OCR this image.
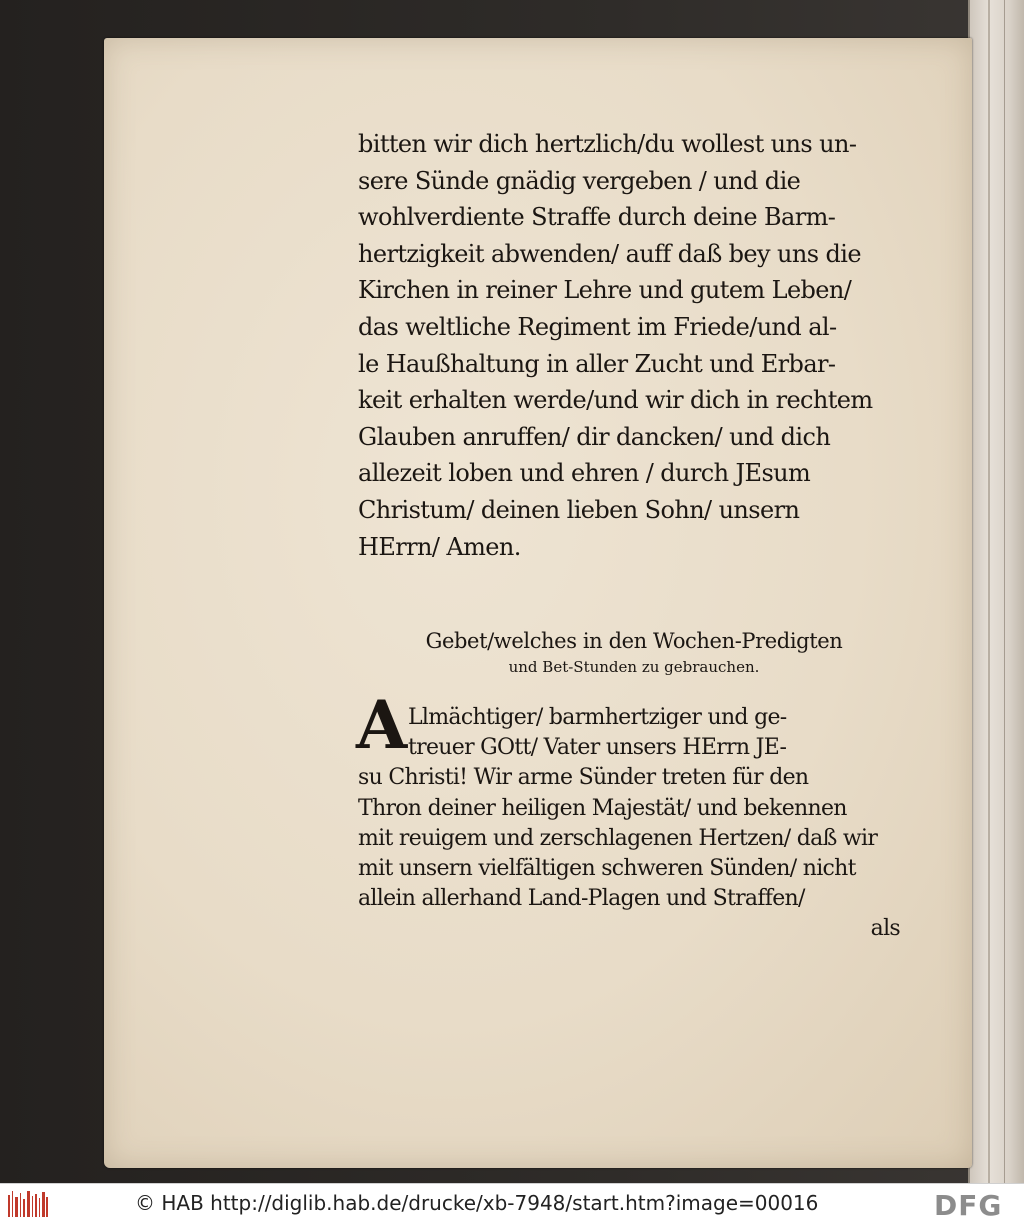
bitten wir dich hertzlich/du wollest uns un-
sere Sünde gnädig vergeben / und die
wohlverdiente Straffe durch deine Barm-
hertzigkeit abwenden/ auff daß bey uns die
Kirchen in reiner Lehre und gutem Leben/
das weltliche Regiment im Friede/und al-
le Haußhaltung in aller Zucht und Erbar-
keit erhalten werde/und wir dich in rechtem
Glauben anruffen/ dir dancken/ und dich
allezeit loben und ehren / durch JEsum
Christum/ deinen lieben Sohn/ unsern
HErrn/ Amen.
Gebet/welches in den Wochen-Predigten
und Bet-Stunden zu gebrauchen.
A Llmächtiger/ barmhertziger und ge-
treuer GOtt/ Vater unsers HErrn JE-
su Christi! Wir arme Sünder treten für den
Thron deiner heiligen Majestät/ und bekennen
mit reuigem und zerschlagenen Hertzen/ daß wir
mit unsern vielfältigen schweren Sünden/ nicht
allein allerhand Land-Plagen und Straffen/
als
© HAB http://diglib.hab.de/drucke/xb-7948/start.htm?image=00016	DFG
